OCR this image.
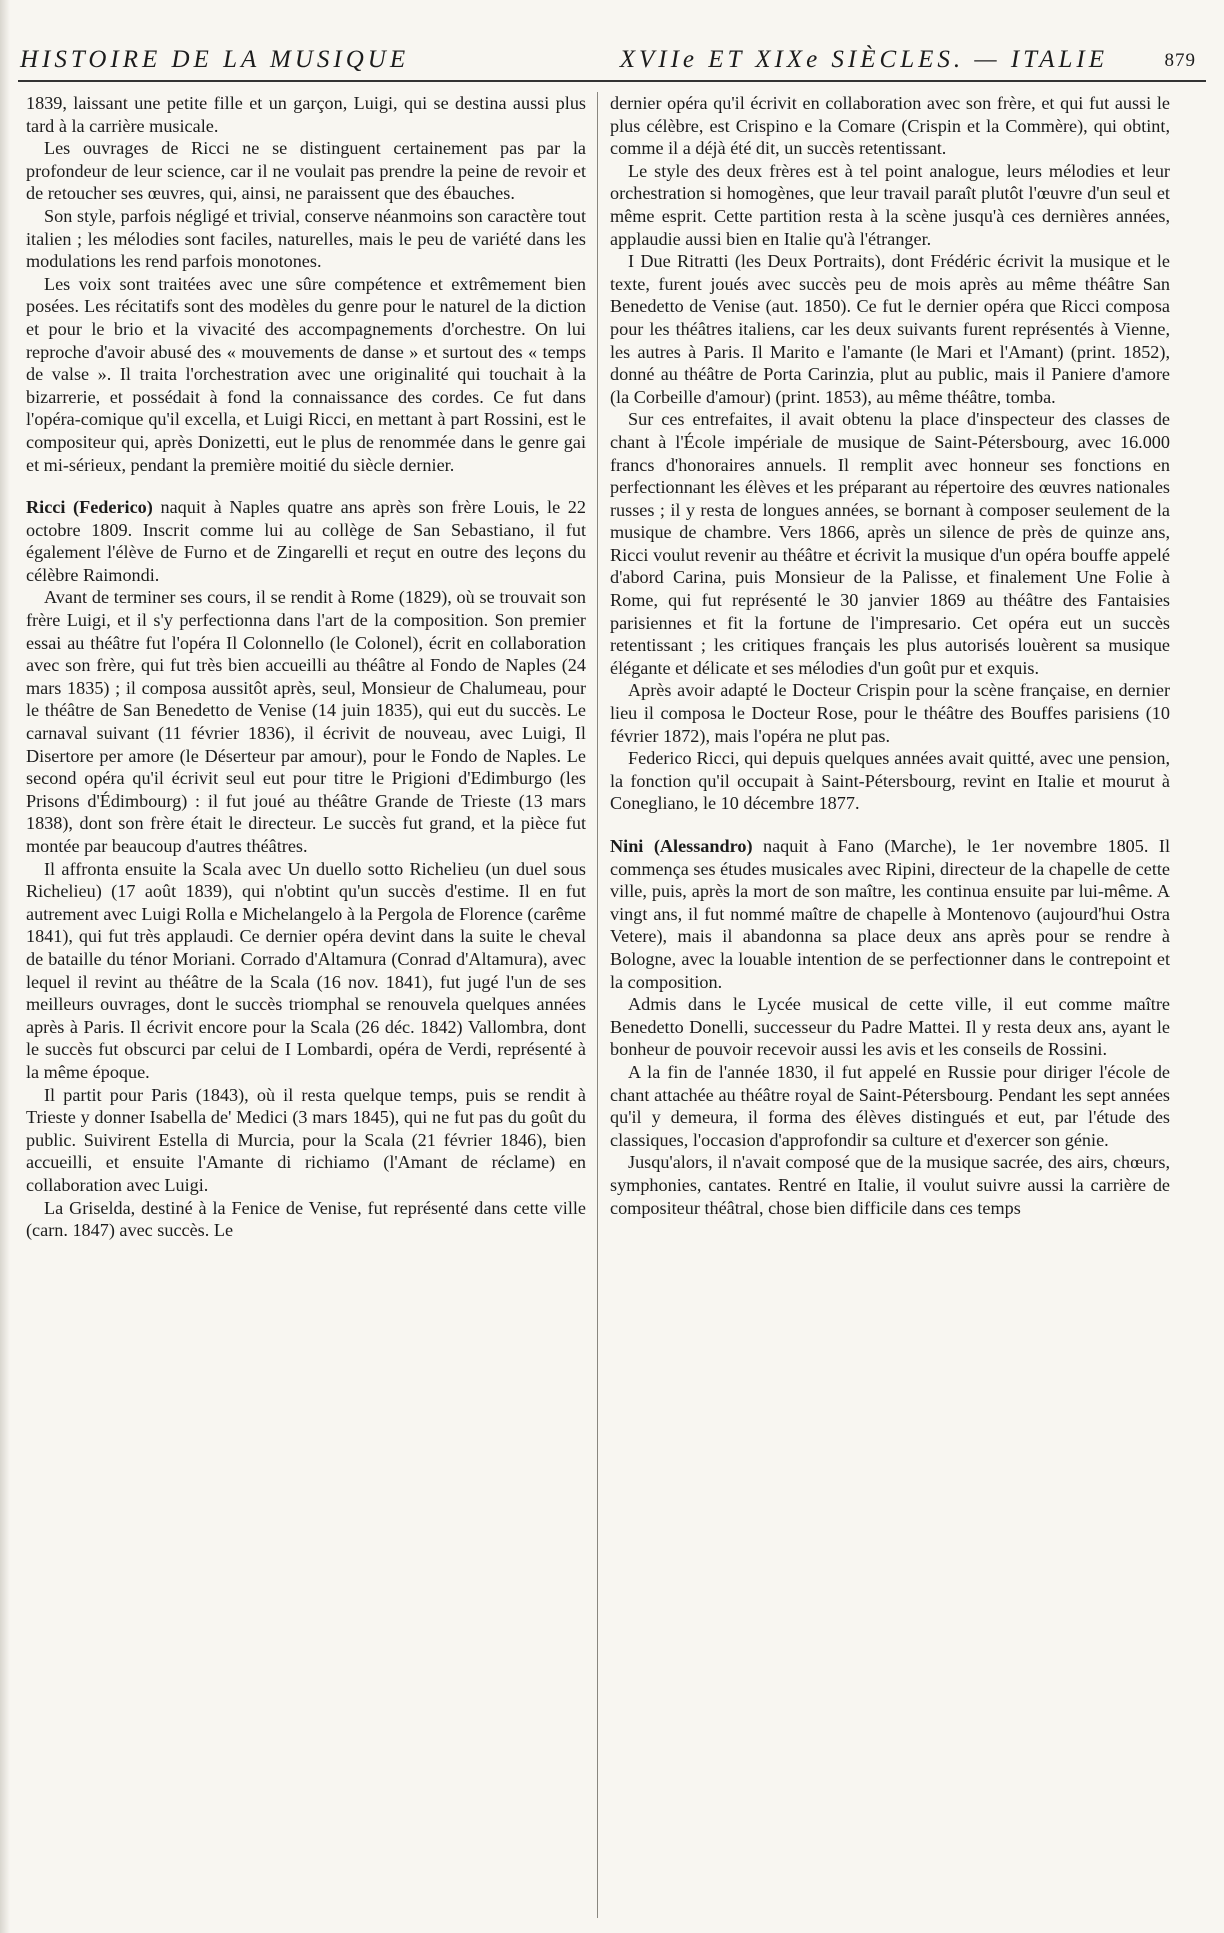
HISTOIRE DE LA MUSIQUE	XVIIe ET XIXe SIÈCLES. — ITALIE	879

1839, laissant une petite fille et un garçon, Luigi, qui se destina aussi plus tard à la carrière musicale.

Les ouvrages de Ricci ne se distinguent certainement pas par la profondeur de leur science, car il ne voulait pas prendre la peine de revoir et de retoucher ses œuvres, qui, ainsi, ne paraissent que des ébauches.

Son style, parfois négligé et trivial, conserve néanmoins son caractère tout italien ; les mélodies sont faciles, naturelles, mais le peu de variété dans les modulations les rend parfois monotones.

Les voix sont traitées avec une sûre compétence et extrêmement bien posées. Les récitatifs sont des modèles du genre pour le naturel de la diction et pour le brio et la vivacité des accompagnements d'orchestre. On lui reproche d'avoir abusé des « mouvements de danse » et surtout des « temps de valse ». Il traita l'orchestration avec une originalité qui touchait à la bizarrerie, et possédait à fond la connaissance des cordes. Ce fut dans l'opéra-comique qu'il excella, et Luigi Ricci, en mettant à part Rossini, est le compositeur qui, après Donizetti, eut le plus de renommée dans le genre gai et mi-sérieux, pendant la première moitié du siècle dernier.

Ricci (Federico) naquit à Naples quatre ans après son frère Louis, le 22 octobre 1809. Inscrit comme lui au collège de San Sebastiano, il fut également l'élève de Furno et de Zingarelli et reçut en outre des leçons du célèbre Raimondi.

Avant de terminer ses cours, il se rendit à Rome (1829), où se trouvait son frère Luigi, et il s'y perfectionna dans l'art de la composition. Son premier essai au théâtre fut l'opéra Il Colonnello (le Colonel), écrit en collaboration avec son frère, qui fut très bien accueilli au théâtre al Fondo de Naples (24 mars 1835) ; il composa aussitôt après, seul, Monsieur de Chalumeau, pour le théâtre de San Benedetto de Venise (14 juin 1835), qui eut du succès. Le carnaval suivant (11 février 1836), il écrivit de nouveau, avec Luigi, Il Disertore per amore (le Déserteur par amour), pour le Fondo de Naples. Le second opéra qu'il écrivit seul eut pour titre le Prigioni d'Edimburgo (les Prisons d'Édimbourg) : il fut joué au théâtre Grande de Trieste (13 mars 1838), dont son frère était le directeur. Le succès fut grand, et la pièce fut montée par beaucoup d'autres théâtres.

Il affronta ensuite la Scala avec Un duello sotto Richelieu (un duel sous Richelieu) (17 août 1839), qui n'obtint qu'un succès d'estime. Il en fut autrement avec Luigi Rolla e Michelangelo à la Pergola de Florence (carême 1841), qui fut très applaudi. Ce dernier opéra devint dans la suite le cheval de bataille du ténor Moriani. Corrado d'Altamura (Conrad d'Altamura), avec lequel il revint au théâtre de la Scala (16 nov. 1841), fut jugé l'un de ses meilleurs ouvrages, dont le succès triomphal se renouvela quelques années après à Paris. Il écrivit encore pour la Scala (26 déc. 1842) Vallombra, dont le succès fut obscurci par celui de I Lombardi, opéra de Verdi, représenté à la même époque.

Il partit pour Paris (1843), où il resta quelque temps, puis se rendit à Trieste y donner Isabella de' Medici (3 mars 1845), qui ne fut pas du goût du public. Suivirent Estella di Murcia, pour la Scala (21 février 1846), bien accueilli, et ensuite l'Amante di richiamo (l'Amant de réclame) en collaboration avec Luigi.

La Griselda, destiné à la Fenice de Venise, fut représenté dans cette ville (carn. 1847) avec succès. Le

dernier opéra qu'il écrivit en collaboration avec son frère, et qui fut aussi le plus célèbre, est Crispino e la Comare (Crispin et la Commère), qui obtint, comme il a déjà été dit, un succès retentissant.

Le style des deux frères est à tel point analogue, leurs mélodies et leur orchestration si homogènes, que leur travail paraît plutôt l'œuvre d'un seul et même esprit. Cette partition resta à la scène jusqu'à ces dernières années, applaudie aussi bien en Italie qu'à l'étranger.

I Due Ritratti (les Deux Portraits), dont Frédéric écrivit la musique et le texte, furent joués avec succès peu de mois après au même théâtre San Benedetto de Venise (aut. 1850). Ce fut le dernier opéra que Ricci composa pour les théâtres italiens, car les deux suivants furent représentés à Vienne, les autres à Paris. Il Marito e l'amante (le Mari et l'Amant) (print. 1852), donné au théâtre de Porta Carinzia, plut au public, mais il Paniere d'amore (la Corbeille d'amour) (print. 1853), au même théâtre, tomba.

Sur ces entrefaites, il avait obtenu la place d'inspecteur des classes de chant à l'École impériale de musique de Saint-Pétersbourg, avec 16.000 francs d'honoraires annuels. Il remplit avec honneur ses fonctions en perfectionnant les élèves et les préparant au répertoire des œuvres nationales russes ; il y resta de longues années, se bornant à composer seulement de la musique de chambre. Vers 1866, après un silence de près de quinze ans, Ricci voulut revenir au théâtre et écrivit la musique d'un opéra bouffe appelé d'abord Carina, puis Monsieur de la Palisse, et finalement Une Folie à Rome, qui fut représenté le 30 janvier 1869 au théâtre des Fantaisies parisiennes et fit la fortune de l'impresario. Cet opéra eut un succès retentissant ; les critiques français les plus autorisés louèrent sa musique élégante et délicate et ses mélodies d'un goût pur et exquis.

Après avoir adapté le Docteur Crispin pour la scène française, en dernier lieu il composa le Docteur Rose, pour le théâtre des Bouffes parisiens (10 février 1872), mais l'opéra ne plut pas.

Federico Ricci, qui depuis quelques années avait quitté, avec une pension, la fonction qu'il occupait à Saint-Pétersbourg, revint en Italie et mourut à Conegliano, le 10 décembre 1877.

Nini (Alessandro) naquit à Fano (Marche), le 1er novembre 1805. Il commença ses études musicales avec Ripini, directeur de la chapelle de cette ville, puis, après la mort de son maître, les continua ensuite par lui-même. A vingt ans, il fut nommé maître de chapelle à Montenovo (aujourd'hui Ostra Vetere), mais il abandonna sa place deux ans après pour se rendre à Bologne, avec la louable intention de se perfectionner dans le contrepoint et la composition.

Admis dans le Lycée musical de cette ville, il eut comme maître Benedetto Donelli, successeur du Padre Mattei. Il y resta deux ans, ayant le bonheur de pouvoir recevoir aussi les avis et les conseils de Rossini.

A la fin de l'année 1830, il fut appelé en Russie pour diriger l'école de chant attachée au théâtre royal de Saint-Pétersbourg. Pendant les sept années qu'il y demeura, il forma des élèves distingués et eut, par l'étude des classiques, l'occasion d'approfondir sa culture et d'exercer son génie.

Jusqu'alors, il n'avait composé que de la musique sacrée, des airs, chœurs, symphonies, cantates. Rentré en Italie, il voulut suivre aussi la carrière de compositeur théâtral, chose bien difficile dans ces temps
